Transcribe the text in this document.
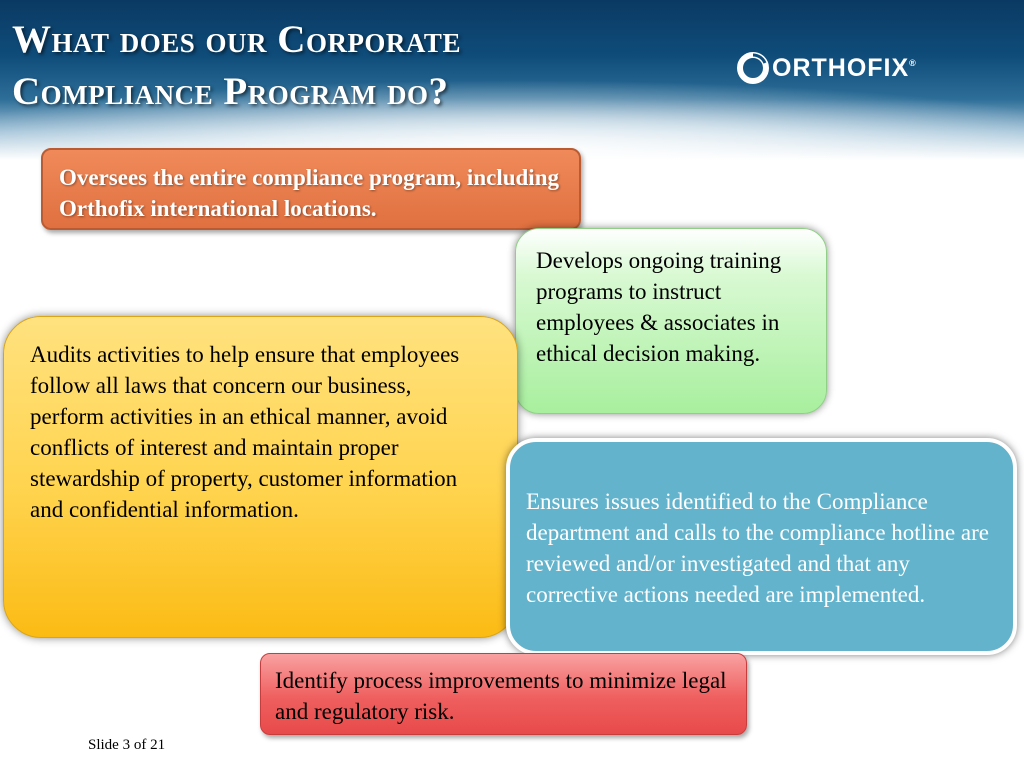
What does our Corporate
Compliance Program do?
ORTHOFIX®
Oversees the entire compliance program, including Orthofix international locations.
Develops ongoing training programs to instruct employees & associates in ethical decision making.
Audits activities to help ensure that employees follow all laws that concern our business, perform activities in an ethical manner, avoid conflicts of interest and maintain proper stewardship of property, customer information and confidential information.	Ensures issues identified to the Compliance department and calls to the compliance hotline are reviewed and/or investigated and that any corrective actions needed are implemented.
Identify process improvements to minimize legal and regulatory risk.
Slide 3 of 21
